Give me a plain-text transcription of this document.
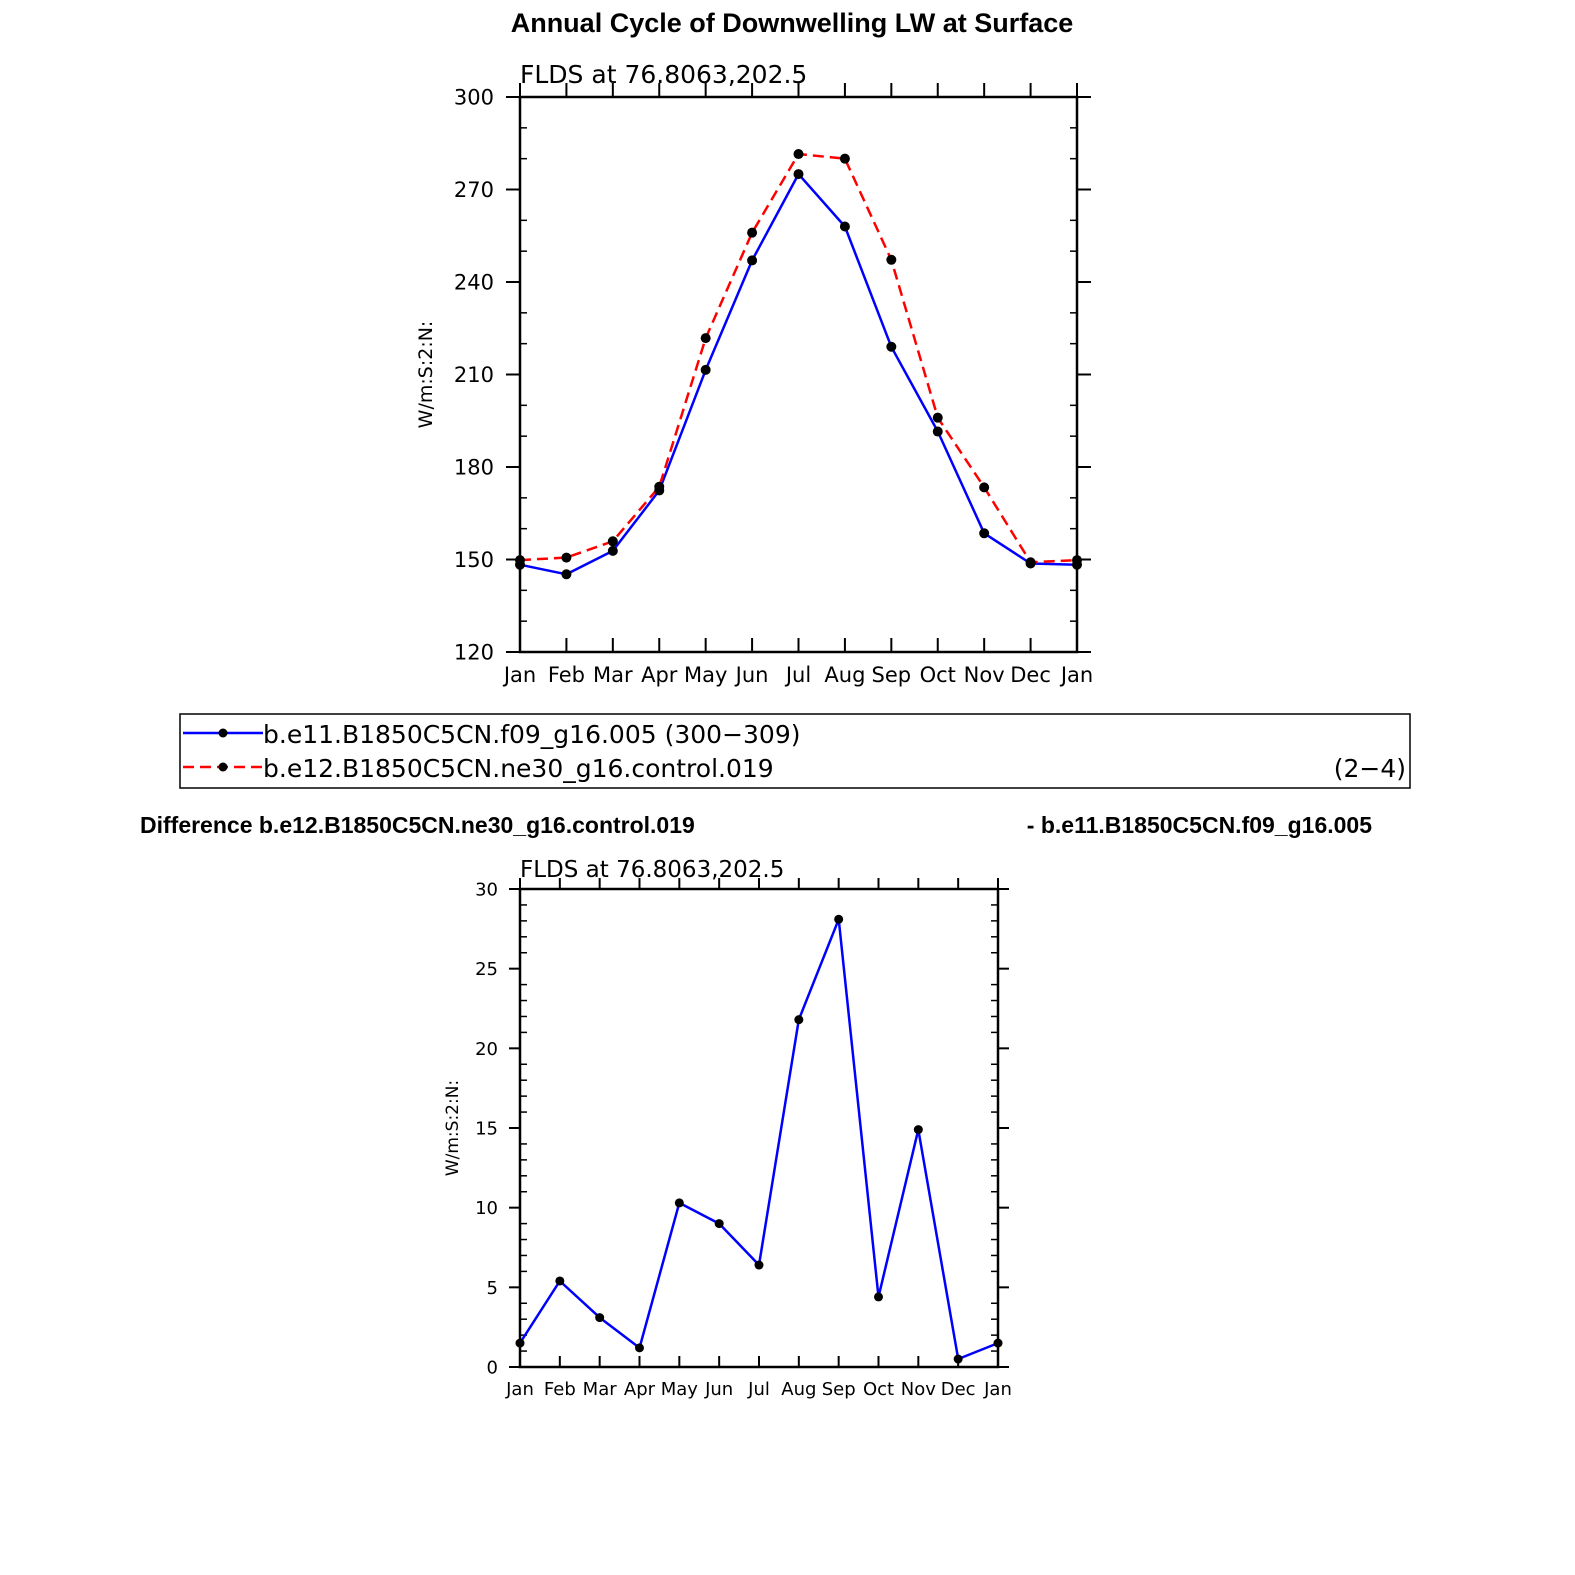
Annual Cycle of Downwelling LW at Surface
Jan Feb Mar Apr May Jun Jul Aug Sep Oct Nov Dec Jan
120
150
180
210
240
270
300
FLDS at 76.8063,202.5
W/m:S:2:N:
b.e11.B1850C5CN.f09_g16.005 (300−309)
b.e12.B1850C5CN.ne30_g16.control.019	(2−4)
Difference b.e12.B1850C5CN.ne30_g16.control.019	- b.e11.B1850C5CN.f09_g16.005
Jan Feb Mar Apr May Jun Jul Aug Sep Oct Nov Dec Jan
0
5
10
15
20
25
30
FLDS at 76.8063,202.5
W/m:S:2:N:
